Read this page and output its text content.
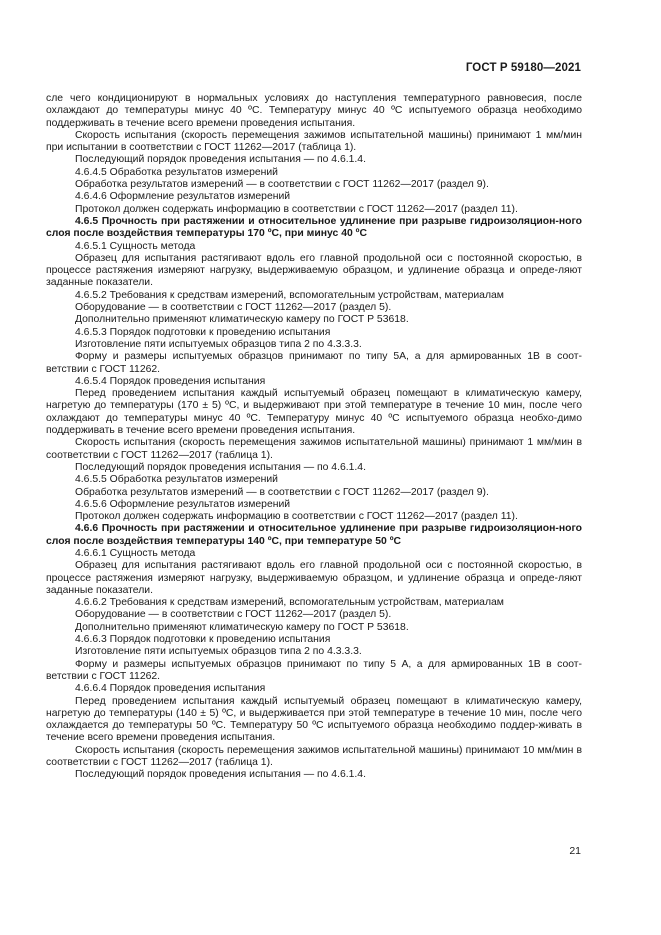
ГОСТ Р 59180—2021

сле чего кондиционируют в нормальных условиях до наступления температурного равновесия, после охлаждают до температуры минус 40 ºС. Температуру минус 40 ºС испытуемого образца необходимо поддерживать в течение всего времени проведения испытания.

Скорость испытания (скорость перемещения зажимов испытательной машины) принимают 1 мм/мин при испытании в соответствии с ГОСТ 11262—2017 (таблица 1).

Последующий порядок проведения испытания — по 4.6.1.4.

4.6.4.5 Обработка результатов измерений

Обработка результатов измерений — в соответствии с ГОСТ 11262—2017 (раздел 9).

4.6.4.6 Оформление результатов измерений

Протокол должен содержать информацию в соответствии с ГОСТ 11262—2017 (раздел 11).

4.6.5 Прочность при растяжении и относительное удлинение при разрыве гидроизоляцион-ного слоя после воздействия температуры 170 ºС, при минус 40 ºС

4.6.5.1 Сущность метода

Образец для испытания растягивают вдоль его главной продольной оси с постоянной скоростью, в процессе растяжения измеряют нагрузку, выдерживаемую образцом, и удлинение образца и опреде-ляют заданные показатели.

4.6.5.2 Требования к средствам измерений, вспомогательным устройствам, материалам

Оборудование — в соответствии с ГОСТ 11262—2017 (раздел 5).

Дополнительно применяют климатическую камеру по ГОСТ Р 53618.

4.6.5.3 Порядок подготовки к проведению испытания

Изготовление пяти испытуемых образцов типа 2 по 4.3.3.3.

Форму и размеры испытуемых образцов принимают по типу 5А, а для армированных 1В в соот-ветствии с ГОСТ 11262.

4.6.5.4 Порядок проведения испытания

Перед проведением испытания каждый испытуемый образец помещают в климатическую камеру, нагретую до температуры (170 ± 5) ºС, и выдерживают при этой температуре в течение 10 мин, после чего охлаждают до температуры минус 40 ºС. Температуру минус 40 ºС испытуемого образца необхо-димо поддерживать в течение всего времени проведения испытания.

Скорость испытания (скорость перемещения зажимов испытательной машины) принимают 1 мм/мин в соответствии с ГОСТ 11262—2017 (таблица 1).

Последующий порядок проведения испытания — по 4.6.1.4.

4.6.5.5 Обработка результатов измерений

Обработка результатов измерений — в соответствии с ГОСТ 11262—2017 (раздел 9).

4.6.5.6 Оформление результатов измерений

Протокол должен содержать информацию в соответствии с ГОСТ 11262—2017 (раздел 11).

4.6.6 Прочность при растяжении и относительное удлинение при разрыве гидроизоляцион-ного слоя после воздействия температуры 140 ºС, при температуре 50 ºС

4.6.6.1 Сущность метода

Образец для испытания растягивают вдоль его главной продольной оси с постоянной скоростью, в процессе растяжения измеряют нагрузку, выдерживаемую образцом, и удлинение образца и опреде-ляют заданные показатели.

4.6.6.2 Требования к средствам измерений, вспомогательным устройствам, материалам

Оборудование — в соответствии с ГОСТ 11262—2017 (раздел 5).

Дополнительно применяют климатическую камеру по ГОСТ Р 53618.

4.6.6.3 Порядок подготовки к проведению испытания

Изготовление пяти испытуемых образцов типа 2 по 4.3.3.3.

Форму и размеры испытуемых образцов принимают по типу 5 А, а для армированных 1В в соот-ветствии с ГОСТ 11262.

4.6.6.4 Порядок проведения испытания

Перед проведением испытания каждый испытуемый образец помещают в климатическую камеру, нагретую до температуры (140 ± 5) ºС, и выдерживается при этой температуре в течение 10 мин, после чего охлаждается до температуры 50 ºС. Температуру 50 ºС испытуемого образца необходимо поддер-живать в течение всего времени проведения испытания.

Скорость испытания (скорость перемещения зажимов испытательной машины) принимают 10 мм/мин в соответствии с ГОСТ 11262—2017 (таблица 1).

Последующий порядок проведения испытания — по 4.6.1.4.

21
